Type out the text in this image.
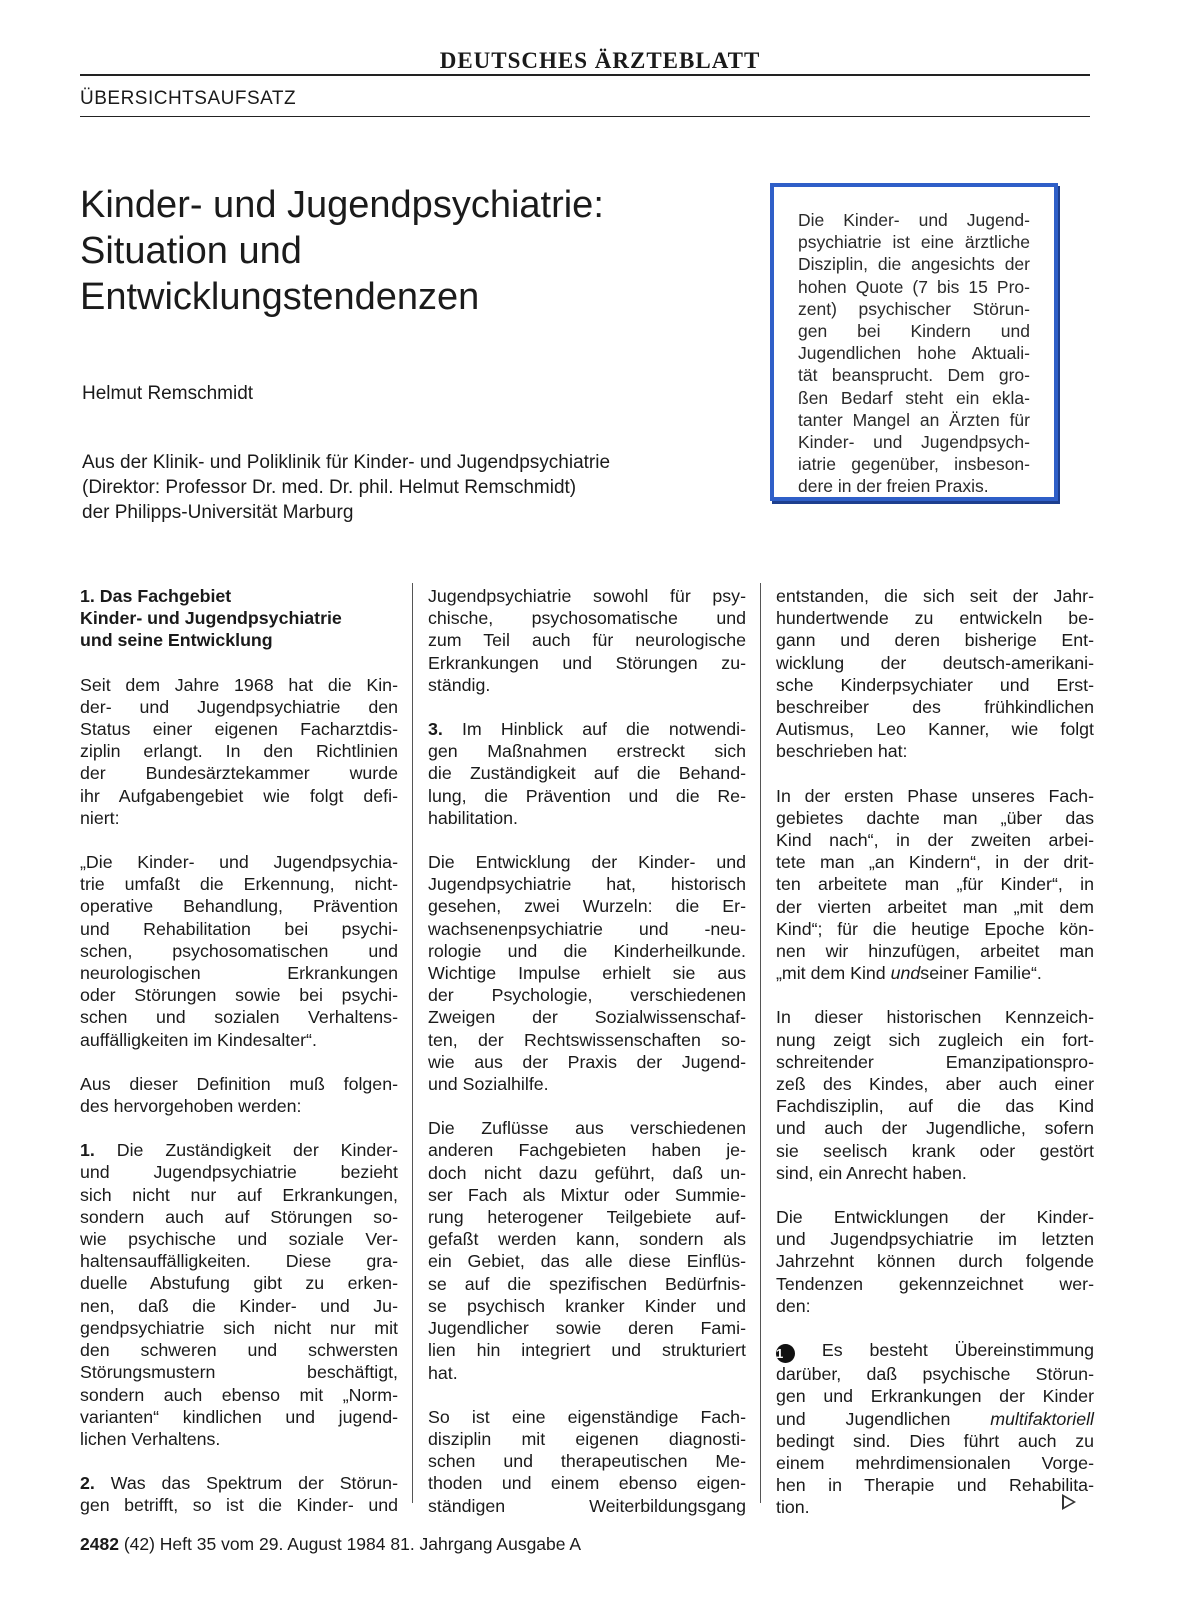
DEUTSCHES ÄRZTEBLATT
ÜBERSICHTSAUFSATZ
Kinder- und Jugendpsychiatrie:
Situation und
Entwicklungstendenzen
Helmut Remschmidt
Aus der Klinik- und Poliklinik für Kinder- und Jugendpsychiatrie
(Direktor: Professor Dr. med. Dr. phil. Helmut Remschmidt)
der Philipps-Universität Marburg
Die Kinder- und Jugend-
psychiatrie ist eine ärztliche
Disziplin, die angesichts der
hohen Quote (7 bis 15 Pro-
zent) psychischer Störun-
gen bei Kindern und
Jugendlichen hohe Aktuali-
tät beansprucht. Dem gro-
ßen Bedarf steht ein ekla-
tanter Mangel an Ärzten für
Kinder- und Jugendpsych-
iatrie gegenüber, insbeson-
dere in der freien Praxis.
1. Das Fachgebiet
Kinder- und Jugendpsychiatrie
und seine Entwicklung
Seit dem Jahre 1968 hat die Kin-
der- und Jugendpsychiatrie den
Status einer eigenen Facharztdis-
ziplin erlangt. In den Richtlinien
der Bundesärztekammer wurde
ihr Aufgabengebiet wie folgt defi-
niert:
„Die Kinder- und Jugendpsychia-
trie umfaßt die Erkennung, nicht-
operative Behandlung, Prävention
und Rehabilitation bei psychi-
schen, psychosomatischen und
neurologischen Erkrankungen
oder Störungen sowie bei psychi-
schen und sozialen Verhaltens-
auffälligkeiten im Kindesalter“.
Aus dieser Definition muß folgen-
des hervorgehoben werden:
1. Die Zuständigkeit der Kinder-
und Jugendpsychiatrie bezieht
sich nicht nur auf Erkrankungen,
sondern auch auf Störungen so-
wie psychische und soziale Ver-
haltensauffälligkeiten. Diese gra-
duelle Abstufung gibt zu erken-
nen, daß die Kinder- und Ju-
gendpsychiatrie sich nicht nur mit
den schweren und schwersten
Störungsmustern beschäftigt,
sondern auch ebenso mit „Norm-
varianten“ kindlichen und jugend-
lichen Verhaltens.
2. Was das Spektrum der Störun-
gen betrifft, so ist die Kinder- und
Jugendpsychiatrie sowohl für psy-
chische, psychosomatische und
zum Teil auch für neurologische
Erkrankungen und Störungen zu-
ständig.
3. Im Hinblick auf die notwendi-
gen Maßnahmen erstreckt sich
die Zuständigkeit auf die Behand-
lung, die Prävention und die Re-
habilitation.
Die Entwicklung der Kinder- und
Jugendpsychiatrie hat, historisch
gesehen, zwei Wurzeln: die Er-
wachsenenpsychiatrie und -neu-
rologie und die Kinderheilkunde.
Wichtige Impulse erhielt sie aus
der Psychologie, verschiedenen
Zweigen der Sozialwissenschaf-
ten, der Rechtswissenschaften so-
wie aus der Praxis der Jugend-
und Sozialhilfe.
Die Zuflüsse aus verschiedenen
anderen Fachgebieten haben je-
doch nicht dazu geführt, daß un-
ser Fach als Mixtur oder Summie-
rung heterogener Teilgebiete auf-
gefaßt werden kann, sondern als
ein Gebiet, das alle diese Einflüs-
se auf die spezifischen Bedürfnis-
se psychisch kranker Kinder und
Jugendlicher sowie deren Fami-
lien hin integriert und strukturiert
hat.
So ist eine eigenständige Fach-
disziplin mit eigenen diagnosti-
schen und therapeutischen Me-
thoden und einem ebenso eigen-
ständigen Weiterbildungsgang
entstanden, die sich seit der Jahr-
hundertwende zu entwickeln be-
gann und deren bisherige Ent-
wicklung der deutsch-amerikani-
sche Kinderpsychiater und Erst-
beschreiber des frühkindlichen
Autismus, Leo Kanner, wie folgt
beschrieben hat:
In der ersten Phase unseres Fach-
gebietes dachte man „über das
Kind nach“, in der zweiten arbei-
tete man „an Kindern“, in der drit-
ten arbeitete man „für Kinder“, in
der vierten arbeitet man „mit dem
Kind“; für die heutige Epoche kön-
nen wir hinzufügen, arbeitet man
„mit dem Kind undseiner Familie“.
In dieser historischen Kennzeich-
nung zeigt sich zugleich ein fort-
schreitender Emanzipationspro-
zeß des Kindes, aber auch einer
Fachdisziplin, auf die das Kind
und auch der Jugendliche, sofern
sie seelisch krank oder gestört
sind, ein Anrecht haben.
Die Entwicklungen der Kinder-
und Jugendpsychiatrie im letzten
Jahrzehnt können durch folgende
Tendenzen gekennzeichnet wer-
den:
1 Es besteht Übereinstimmung
darüber, daß psychische Störun-
gen und Erkrankungen der Kinder
und Jugendlichen multifaktoriell
bedingt sind. Dies führt auch zu
einem mehrdimensionalen Vorge-
hen in Therapie und Rehabilita-
tion.
2482 (42) Heft 35 vom 29. August 1984 81. Jahrgang Ausgabe A
